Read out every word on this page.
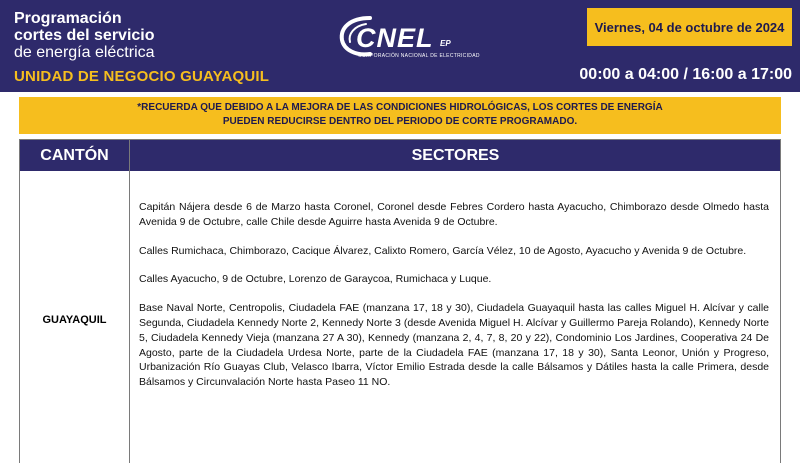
Programación
cortes del servicio
de energía eléctrica
UNIDAD DE NEGOCIO GUAYAQUIL
CNEL EP
CORPORACIÓN NACIONAL DE ELECTRICIDAD
Viernes, 04 de octubre de 2024
00:00 a 04:00 / 16:00 a 17:00
*RECUERDA QUE DEBIDO A LA MEJORA DE LAS CONDICIONES HIDROLÓGICAS, LOS CORTES DE ENERGÍA
PUEDEN REDUCIRSE DENTRO DEL PERIODO DE CORTE PROGRAMADO.
CANTÓN	SECTORES
GUAYAQUIL
Capitán Nájera desde 6 de Marzo hasta Coronel, Coronel desde Febres Cordero hasta Ayacucho, Chimborazo desde Olmedo hasta Avenida 9 de Octubre, calle Chile desde Aguirre hasta Avenida 9 de Octubre.
Calles Rumichaca, Chimborazo, Cacique Álvarez, Calixto Romero, García Vélez, 10 de Agosto, Ayacucho y Avenida 9 de Octubre.
Calles Ayacucho, 9 de Octubre, Lorenzo de Garaycoa, Rumichaca y Luque.
Base Naval Norte, Centropolis, Ciudadela FAE (manzana 17, 18 y 30), Ciudadela Guayaquil hasta las calles Miguel H. Alcívar y calle Segunda, Ciudadela Kennedy Norte 2, Kennedy Norte 3 (desde Avenida Miguel H. Alcívar y Guillermo Pareja Rolando), Kennedy Norte 5, Ciudadela Kennedy Vieja (manzana 27 A 30), Kennedy (manzana 2, 4, 7, 8, 20 y 22), Condominio Los Jardines, Cooperativa 24 De Agosto, parte de la Ciudadela Urdesa Norte, parte de la Ciudadela FAE (manzana 17, 18 y 30), Santa Leonor, Unión y Progreso, Urbanización Río Guayas Club, Velasco Ibarra, Víctor Emilio Estrada desde la calle Bálsamos y Dátiles hasta la calle Primera, desde Bálsamos y Circunvalación Norte hasta Paseo 11 NO.
